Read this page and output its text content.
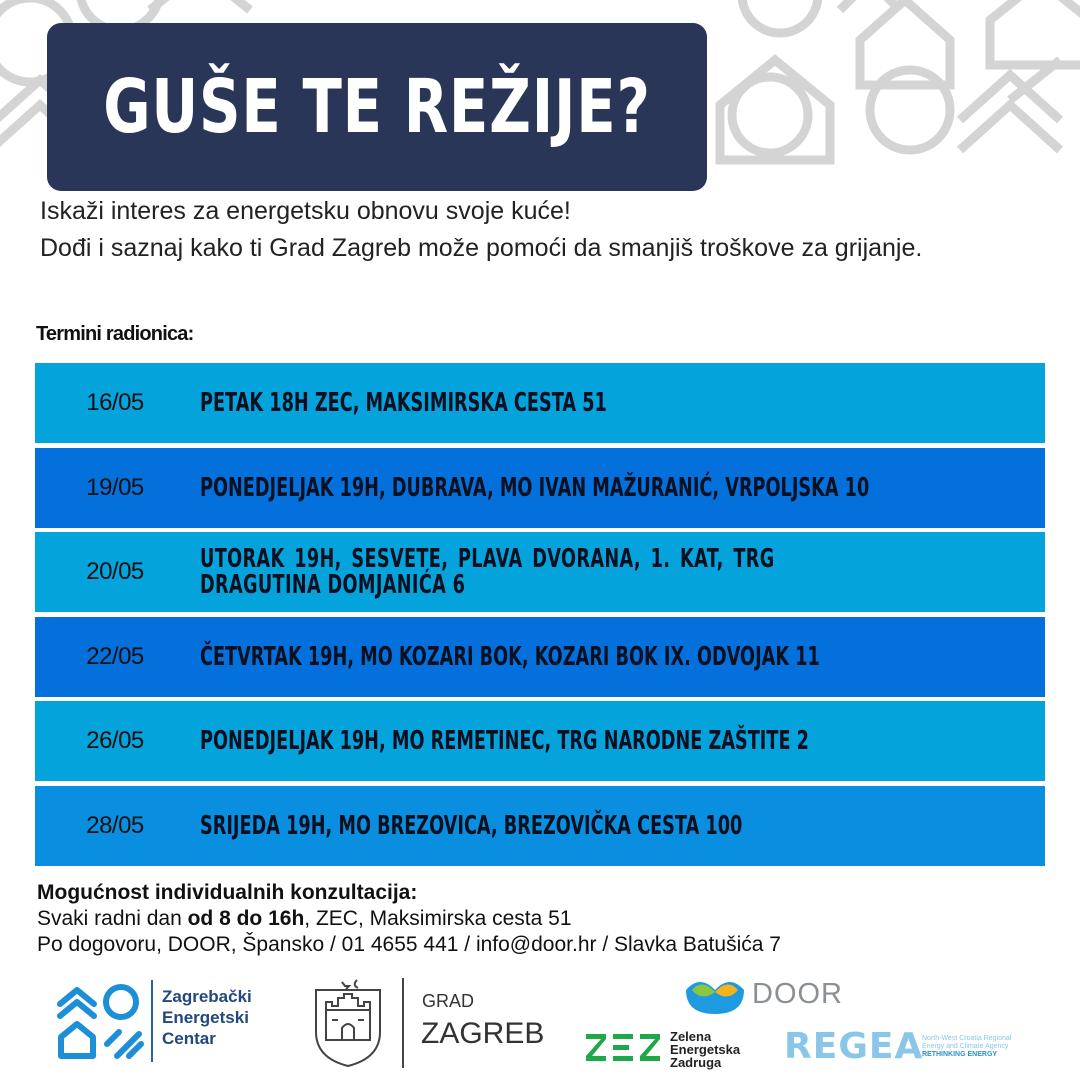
GUŠE TE REŽIJE?

Iskaži interes za energetsku obnovu svoje kuće!

Dođi i saznaj kako ti Grad Zagreb može pomoći da smanjiš troškove za grijanje.

Termini radionica:
16/05	PETAK 18H ZEC, MAKSIMIRSKA CESTA 51
19/05	PONEDJELJAK 19H, DUBRAVA, MO IVAN MAŽURANIĆ, VRPOLJSKA 10
20/05	UTORAK 19H, SESVETE, PLAVA DVORANA, 1. KAT, TRG DRAGUTINA DOMJANIĆA 6
22/05	ČETVRTAK 19H, MO KOZARI BOK, KOZARI BOK IX. ODVOJAK 11
26/05	PONEDJELJAK 19H, MO REMETINEC, TRG NARODNE ZAŠTITE 2
28/05	SRIJEDA 19H, MO BREZOVICA, BREZOVIČKA CESTA 100
Mogućnost individualnih konzultacija:
Svaki radni dan od 8 do 16h, ZEC, Maksimirska cesta 51
Po dogovoru, DOOR, Špansko / 01 4655 441 / info@door.hr / Slavka Batušića 7
Zagrebački
Energetski
Centar
GRAD
ZAGREB
DOOR
Zelena
Energetska
Zadruga	REGEA
North-West Croatia Regional
Energy and Climate Agency
RETHINKING ENERGY
